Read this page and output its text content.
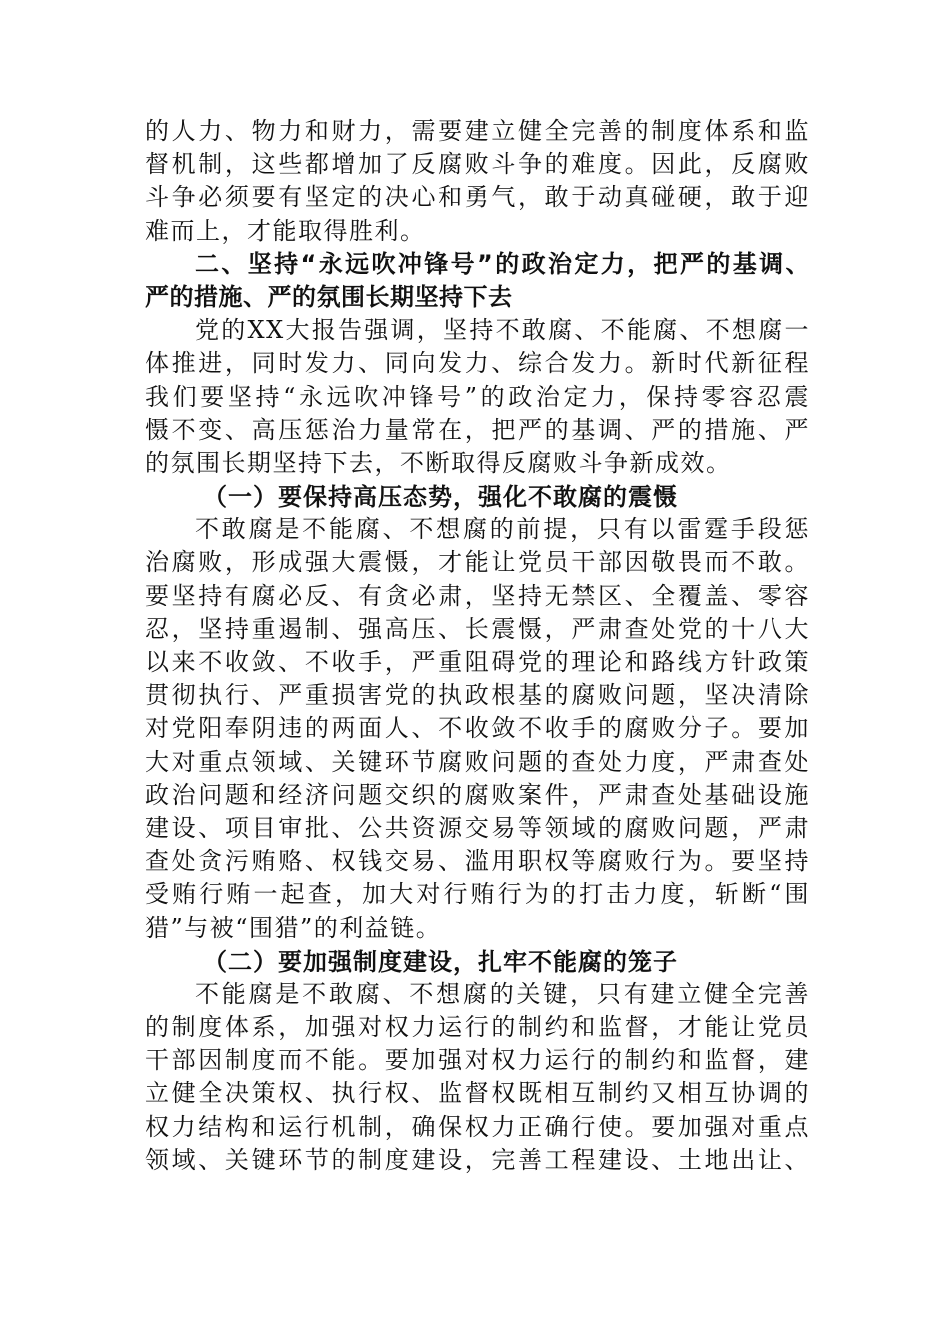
的人力、物力和财力，需要建立健全完善的制度体系和监
督机制，这些都增加了反腐败斗争的难度。因此，反腐败
斗争必须要有坚定的决心和勇气，敢于动真碰硬，敢于迎
难而上，才能取得胜利。
二、坚持“永远吹冲锋号”的政治定力，把严的基调、
严的措施、严的氛围长期坚持下去
党的XX大报告强调，坚持不敢腐、不能腐、不想腐一
体推进，同时发力、同向发力、综合发力。新时代新征程
我们要坚持“永远吹冲锋号”的政治定力，保持零容忍震
慑不变、高压惩治力量常在，把严的基调、严的措施、严
的氛围长期坚持下去，不断取得反腐败斗争新成效。
（一）要保持高压态势，强化不敢腐的震慑
不敢腐是不能腐、不想腐的前提，只有以雷霆手段惩
治腐败，形成强大震慑，才能让党员干部因敬畏而不敢。
要坚持有腐必反、有贪必肃，坚持无禁区、全覆盖、零容
忍，坚持重遏制、强高压、长震慑，严肃查处党的十八大
以来不收敛、不收手，严重阻碍党的理论和路线方针政策
贯彻执行、严重损害党的执政根基的腐败问题，坚决清除
对党阳奉阴违的两面人、不收敛不收手的腐败分子。要加
大对重点领域、关键环节腐败问题的查处力度，严肃查处
政治问题和经济问题交织的腐败案件，严肃查处基础设施
建设、项目审批、公共资源交易等领域的腐败问题，严肃
查处贪污贿赂、权钱交易、滥用职权等腐败行为。要坚持
受贿行贿一起查，加大对行贿行为的打击力度，斩断“围
猎”与被“围猎”的利益链。
（二）要加强制度建设，扎牢不能腐的笼子
不能腐是不敢腐、不想腐的关键，只有建立健全完善
的制度体系，加强对权力运行的制约和监督，才能让党员
干部因制度而不能。要加强对权力运行的制约和监督，建
立健全决策权、执行权、监督权既相互制约又相互协调的
权力结构和运行机制，确保权力正确行使。要加强对重点
领域、关键环节的制度建设，完善工程建设、土地出让、
